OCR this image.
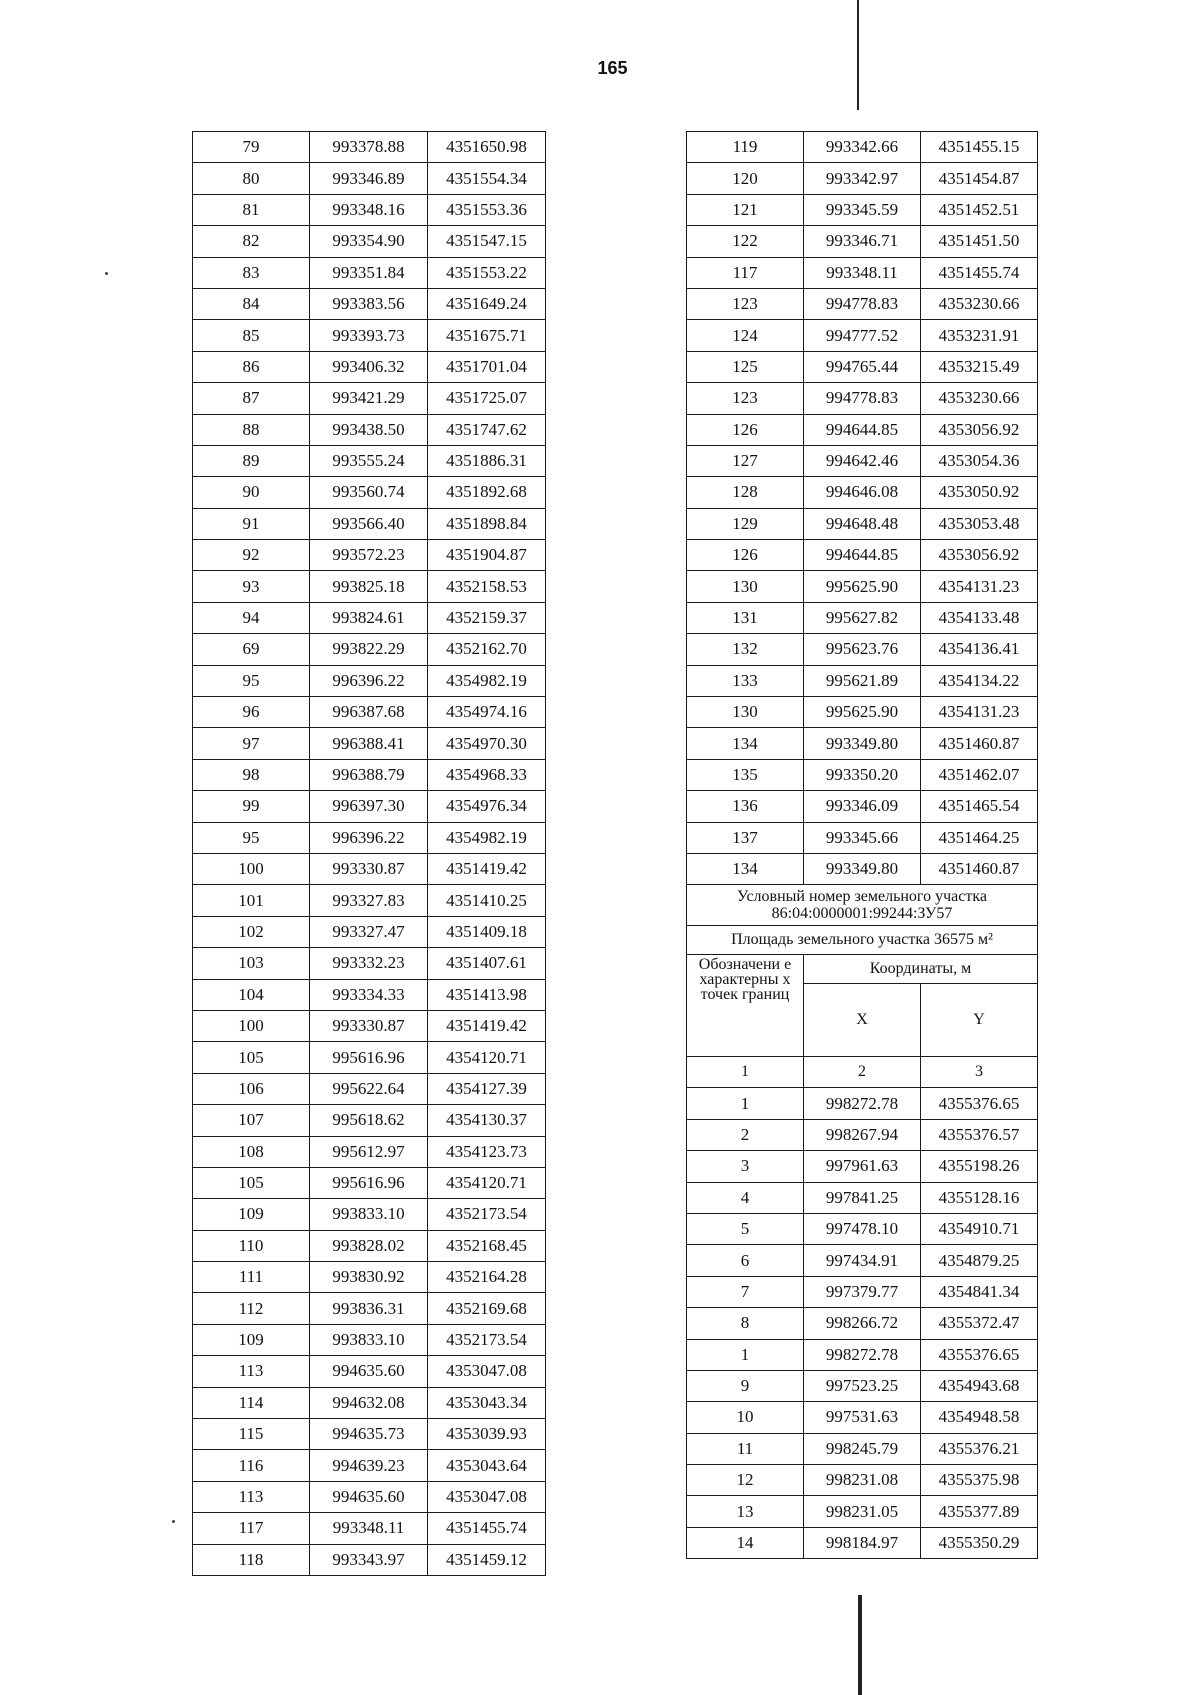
165
79	993378.88	4351650.98
80	993346.89	4351554.34
81	993348.16	4351553.36
82	993354.90	4351547.15
83	993351.84	4351553.22
84	993383.56	4351649.24
85	993393.73	4351675.71
86	993406.32	4351701.04
87	993421.29	4351725.07
88	993438.50	4351747.62
89	993555.24	4351886.31
90	993560.74	4351892.68
91	993566.40	4351898.84
92	993572.23	4351904.87
93	993825.18	4352158.53
94	993824.61	4352159.37
69	993822.29	4352162.70
95	996396.22	4354982.19
96	996387.68	4354974.16
97	996388.41	4354970.30
98	996388.79	4354968.33
99	996397.30	4354976.34
95	996396.22	4354982.19
100	993330.87	4351419.42
101	993327.83	4351410.25
102	993327.47	4351409.18
103	993332.23	4351407.61
104	993334.33	4351413.98
100	993330.87	4351419.42
105	995616.96	4354120.71
106	995622.64	4354127.39
107	995618.62	4354130.37
108	995612.97	4354123.73
105	995616.96	4354120.71
109	993833.10	4352173.54
110	993828.02	4352168.45
111	993830.92	4352164.28
112	993836.31	4352169.68
109	993833.10	4352173.54
113	994635.60	4353047.08
114	994632.08	4353043.34
115	994635.73	4353039.93
116	994639.23	4353043.64
113	994635.60	4353047.08
117	993348.11	4351455.74
118	993343.97	4351459.12
119	993342.66	4351455.15
120	993342.97	4351454.87
121	993345.59	4351452.51
122	993346.71	4351451.50
117	993348.11	4351455.74
123	994778.83	4353230.66
124	994777.52	4353231.91
125	994765.44	4353215.49
123	994778.83	4353230.66
126	994644.85	4353056.92
127	994642.46	4353054.36
128	994646.08	4353050.92
129	994648.48	4353053.48
126	994644.85	4353056.92
130	995625.90	4354131.23
131	995627.82	4354133.48
132	995623.76	4354136.41
133	995621.89	4354134.22
130	995625.90	4354131.23
134	993349.80	4351460.87
135	993350.20	4351462.07
136	993346.09	4351465.54
137	993345.66	4351464.25
134	993349.80	4351460.87
Условный номер земельного участка 86:04:0000001:99244:ЗУ57		
Площадь земельного участка 36575 м²		
Обозначени е характерны х точек границ	Координаты, м	
	X	Y
1	2	3
1	998272.78	4355376.65
2	998267.94	4355376.57
3	997961.63	4355198.26
4	997841.25	4355128.16
5	997478.10	4354910.71
6	997434.91	4354879.25
7	997379.77	4354841.34
8	998266.72	4355372.47
1	998272.78	4355376.65
9	997523.25	4354943.68
10	997531.63	4354948.58
11	998245.79	4355376.21
12	998231.08	4355375.98
13	998231.05	4355377.89
14	998184.97	4355350.29
